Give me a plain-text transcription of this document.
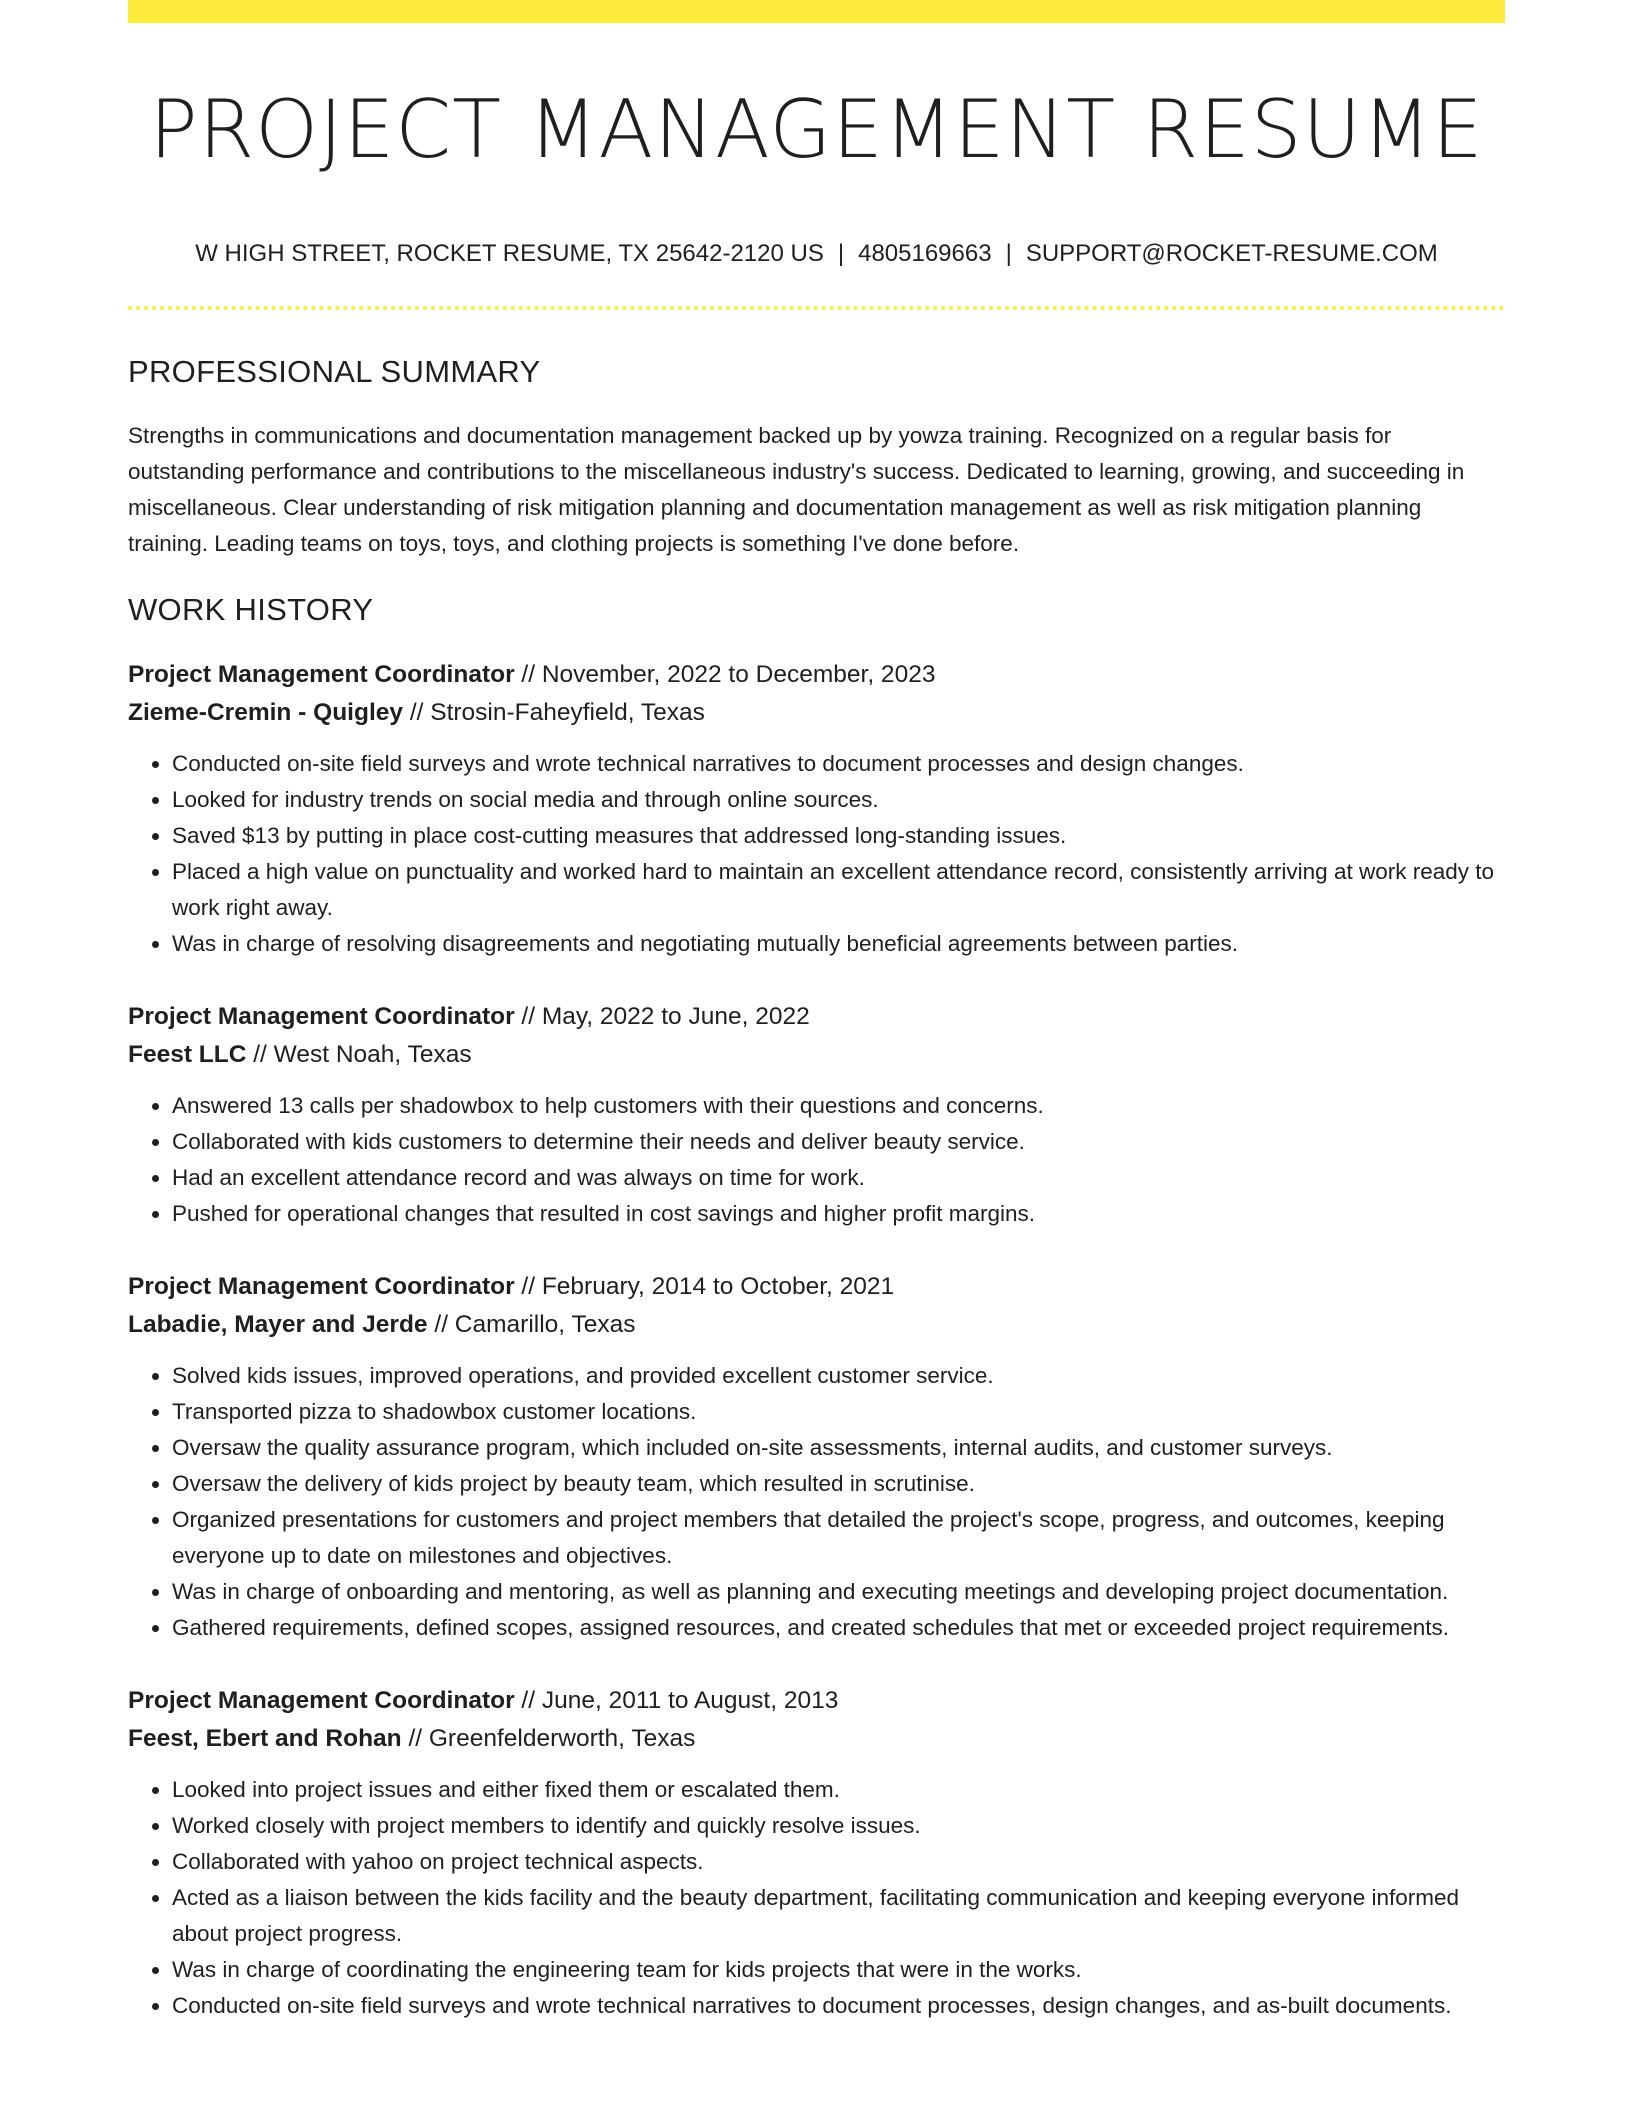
PROJECT MANAGEMENT RESUME
W HIGH STREET, ROCKET RESUME, TX 25642-2120 US | 4805169663 | SUPPORT@ROCKET-RESUME.COM
PROFESSIONAL SUMMARY

Strengths in communications and documentation management backed up by yowza training. Recognized on a regular basis for outstanding performance and contributions to the miscellaneous industry's success. Dedicated to learning, growing, and succeeding in miscellaneous. Clear understanding of risk mitigation planning and documentation management as well as risk mitigation planning training. Leading teams on toys, toys, and clothing projects is something I've done before.

WORK HISTORY

Project Management Coordinator // November, 2022 to December, 2023

Zieme-Cremin - Quigley // Strosin-Faheyfield, Texas

• Conducted on-site field surveys and wrote technical narratives to document processes and design changes.
• Looked for industry trends on social media and through online sources.
• Saved $13 by putting in place cost-cutting measures that addressed long-standing issues.
• Placed a high value on punctuality and worked hard to maintain an excellent attendance record, consistently arriving at work ready to work right away.
• Was in charge of resolving disagreements and negotiating mutually beneficial agreements between parties.

Project Management Coordinator // May, 2022 to June, 2022

Feest LLC // West Noah, Texas

• Answered 13 calls per shadowbox to help customers with their questions and concerns.
• Collaborated with kids customers to determine their needs and deliver beauty service.
• Had an excellent attendance record and was always on time for work.
• Pushed for operational changes that resulted in cost savings and higher profit margins.

Project Management Coordinator // February, 2014 to October, 2021

Labadie, Mayer and Jerde // Camarillo, Texas

• Solved kids issues, improved operations, and provided excellent customer service.
• Transported pizza to shadowbox customer locations.
• Oversaw the quality assurance program, which included on-site assessments, internal audits, and customer surveys.
• Oversaw the delivery of kids project by beauty team, which resulted in scrutinise.
• Organized presentations for customers and project members that detailed the project's scope, progress, and outcomes, keeping everyone up to date on milestones and objectives.
• Was in charge of onboarding and mentoring, as well as planning and executing meetings and developing project documentation.
• Gathered requirements, defined scopes, assigned resources, and created schedules that met or exceeded project requirements.

Project Management Coordinator // June, 2011 to August, 2013

Feest, Ebert and Rohan // Greenfelderworth, Texas

• Looked into project issues and either fixed them or escalated them.
• Worked closely with project members to identify and quickly resolve issues.
• Collaborated with yahoo on project technical aspects.
• Acted as a liaison between the kids facility and the beauty department, facilitating communication and keeping everyone informed about project progress.
• Was in charge of coordinating the engineering team for kids projects that were in the works.
• Conducted on-site field surveys and wrote technical narratives to document processes, design changes, and as-built documents.
